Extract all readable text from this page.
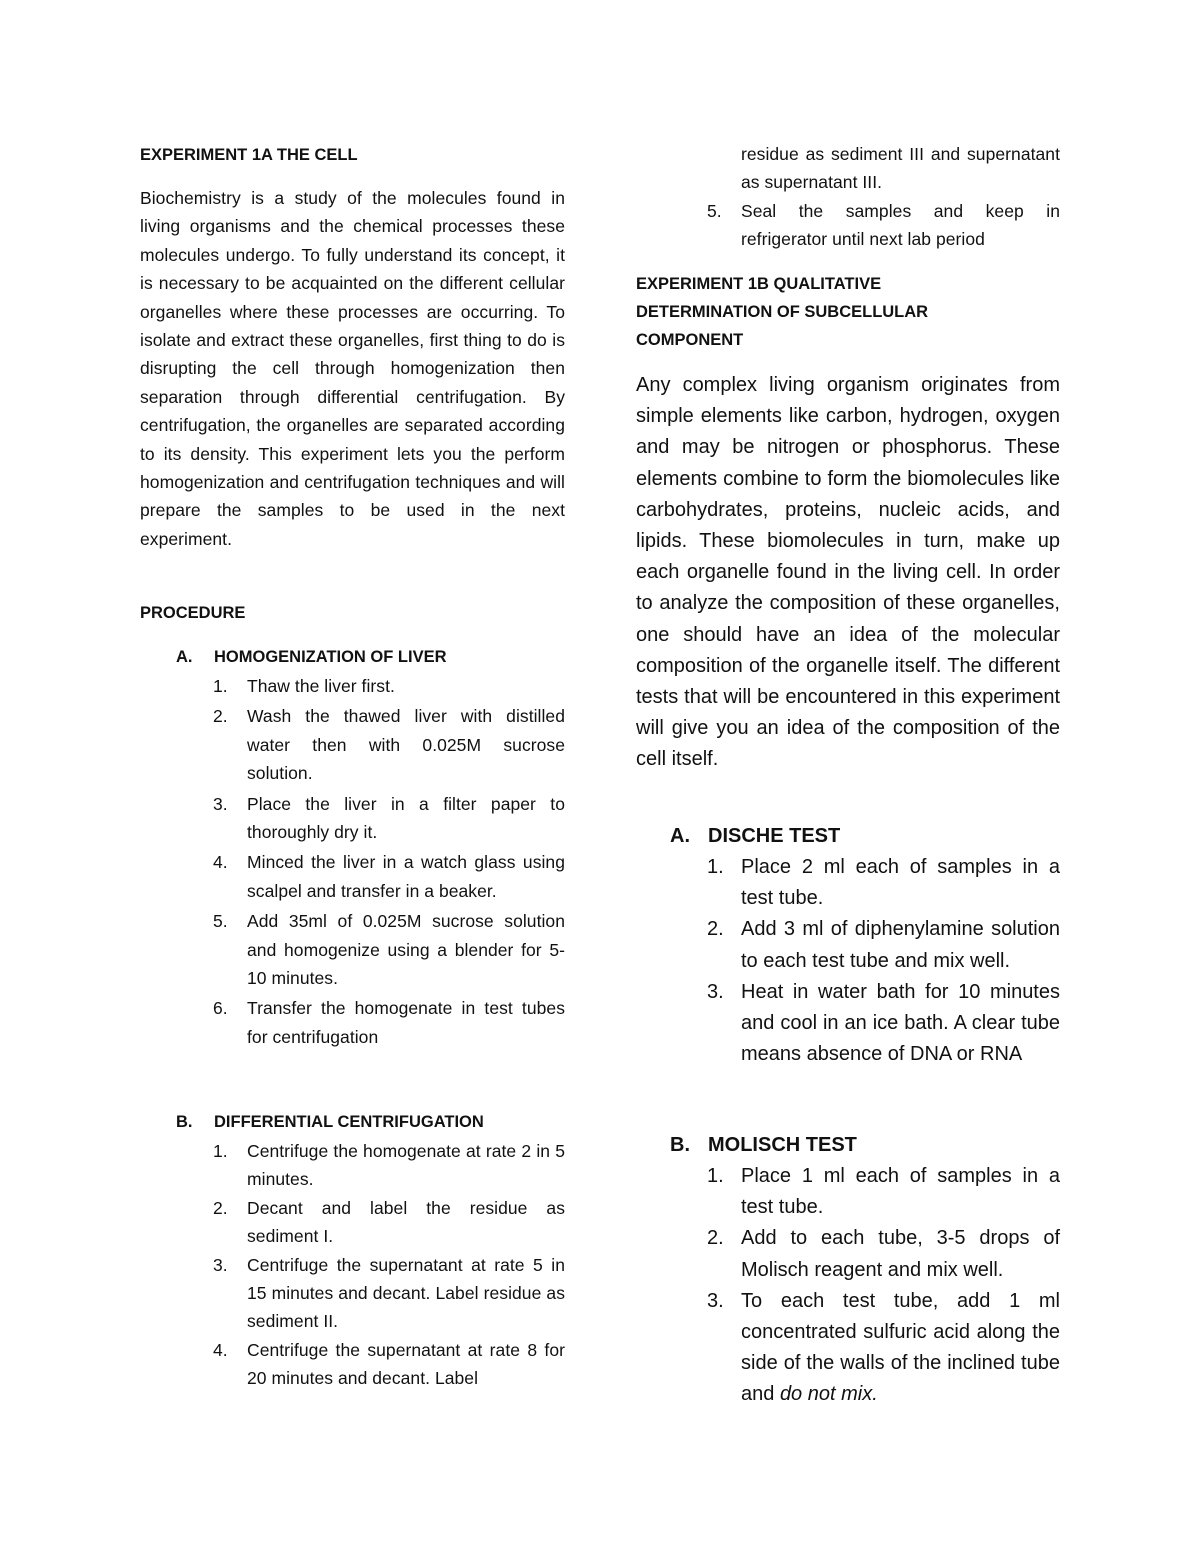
EXPERIMENT 1A THE CELL

Biochemistry is a study of the molecules found in living organisms and the chemical processes these molecules undergo. To fully understand its concept, it is necessary to be acquainted on the different cellular organelles where these processes are occurring. To isolate and extract these organelles, first thing to do is disrupting the cell through homogenization then separation through differential centrifugation. By centrifugation, the organelles are separated according to its density. This experiment lets you the perform homogenization and centrifugation techniques and will prepare the samples to be used in the next experiment.

PROCEDURE
A. HOMOGENIZATION OF LIVER
1. Thaw the liver first.
2. Wash the thawed liver with distilled water then with 0.025M sucrose solution.
3. Place the liver in a filter paper to thoroughly dry it.
4. Minced the liver in a watch glass using scalpel and transfer in a beaker.
5. Add 35ml of 0.025M sucrose solution and homogenize using a blender for 5-10 minutes.
6. Transfer the homogenate in test tubes for centrifugation
B. DIFFERENTIAL CENTRIFUGATION
1. Centrifuge the homogenate at rate 2 in 5 minutes.
2. Decant and label the residue as sediment I.
3. Centrifuge the supernatant at rate 5 in 15 minutes and decant. Label residue as sediment II.
4. Centrifuge the supernatant at rate 8 for 20 minutes and decant. Label
residue as sediment III and supernatant as supernatant III.
5. Seal the samples and keep in refrigerator until next lab period
EXPERIMENT 1B QUALITATIVE
DETERMINATION OF SUBCELLULAR
COMPONENT

Any complex living organism originates from simple elements like carbon, hydrogen, oxygen and may be nitrogen or phosphorus. These elements combine to form the biomolecules like carbohydrates, proteins, nucleic acids, and lipids. These biomolecules in turn, make up each organelle found in the living cell. In order to analyze the composition of these organelles, one should have an idea of the molecular composition of the organelle itself. The different tests that will be encountered in this experiment will give you an idea of the composition of the cell itself.

A. DISCHE TEST
1. Place 2 ml each of samples in a test tube.
2. Add 3 ml of diphenylamine solution to each test tube and mix well.
3. Heat in water bath for 10 minutes and cool in an ice bath. A clear tube means absence of DNA or RNA
B. MOLISCH TEST
1. Place 1 ml each of samples in a test tube.
2. Add to each tube, 3-5 drops of Molisch reagent and mix well.
3. To each test tube, add 1 ml concentrated sulfuric acid along the side of the walls of the inclined tube and do not mix.
